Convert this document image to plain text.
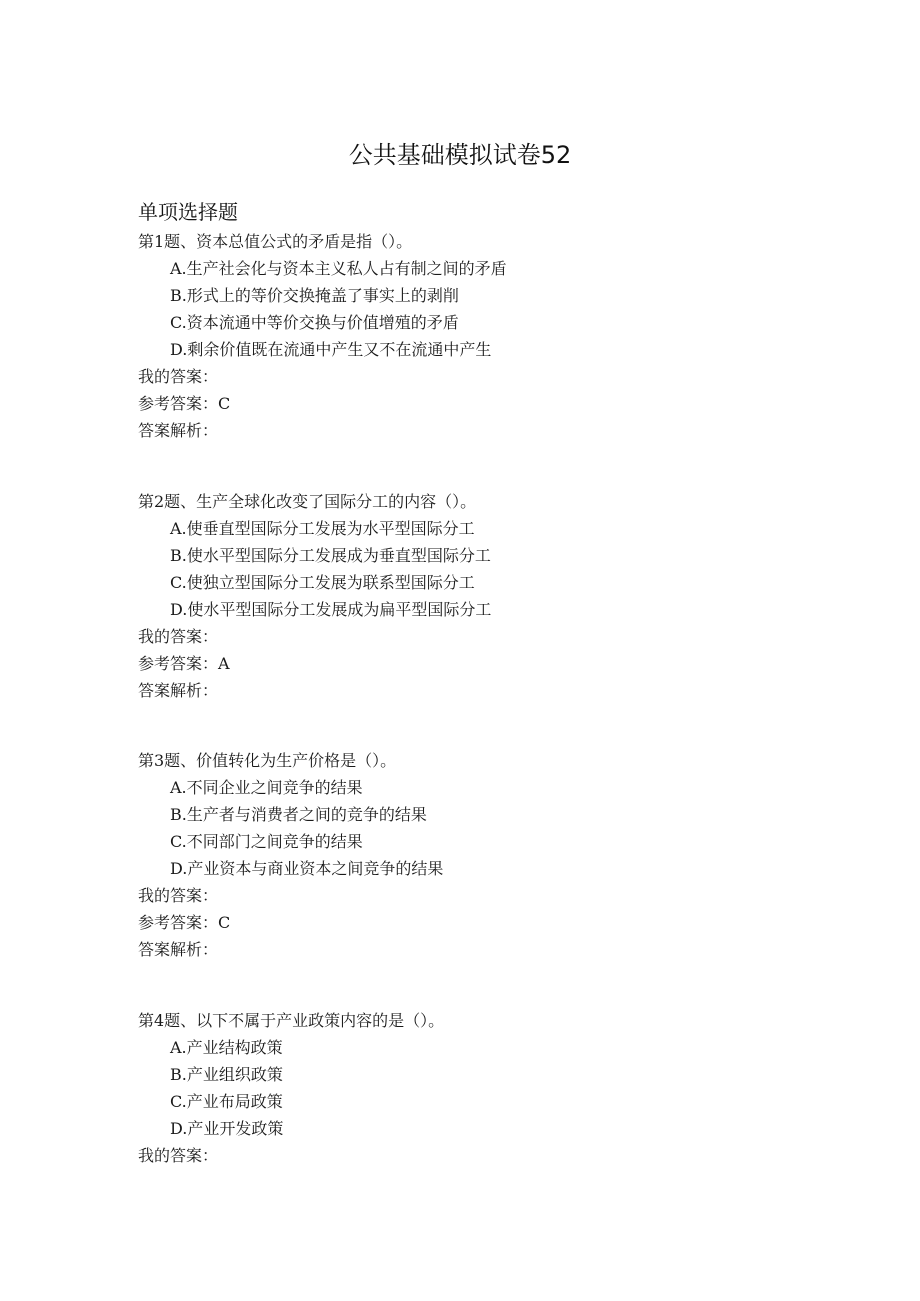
公共基础模拟试卷52
单项选择题
第1题、资本总值公式的矛盾是指（）。
A.生产社会化与资本主义私人占有制之间的矛盾
B.形式上的等价交换掩盖了事实上的剥削
C.资本流通中等价交换与价值增殖的矛盾
D.剩余价值既在流通中产生又不在流通中产生
我的答案：
参考答案：C
答案解析：
第2题、生产全球化改变了国际分工的内容（）。
A.使垂直型国际分工发展为水平型国际分工
B.使水平型国际分工发展成为垂直型国际分工
C.使独立型国际分工发展为联系型国际分工
D.使水平型国际分工发展成为扁平型国际分工
我的答案：
参考答案：A
答案解析：
第3题、价值转化为生产价格是（）。
A.不同企业之间竞争的结果
B.生产者与消费者之间的竞争的结果
C.不同部门之间竞争的结果
D.产业资本与商业资本之间竞争的结果
我的答案：
参考答案：C
答案解析：
第4题、以下不属于产业政策内容的是（）。
A.产业结构政策
B.产业组织政策
C.产业布局政策
D.产业开发政策
我的答案：
